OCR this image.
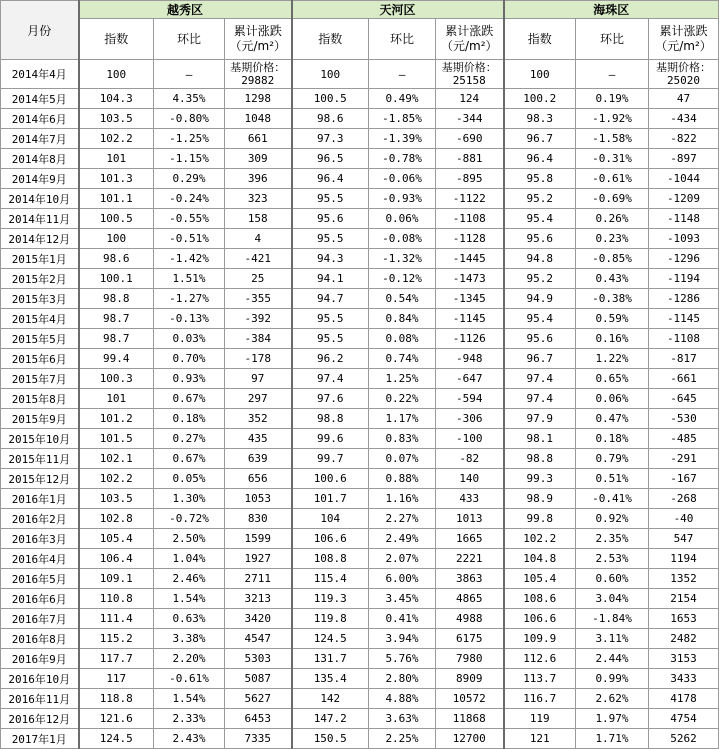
月份	越秀区			天河区			海珠区		
	指数	环比	累计涨跌（元/m²）	指数	环比	累计涨跌（元/m²）	指数	环比	累计涨跌（元/m²）
2014年4月	100	—	基期价格：29882	100	—	基期价格：25158	100	—	基期价格：25020
2014年5月	104.3	4.35%	1298	100.5	0.49%	124	100.2	0.19%	47
2014年6月	103.5	-0.80%	1048	98.6	-1.85%	-344	98.3	-1.92%	-434
2014年7月	102.2	-1.25%	661	97.3	-1.39%	-690	96.7	-1.58%	-822
2014年8月	101	-1.15%	309	96.5	-0.78%	-881	96.4	-0.31%	-897
2014年9月	101.3	0.29%	396	96.4	-0.06%	-895	95.8	-0.61%	-1044
2014年10月	101.1	-0.24%	323	95.5	-0.93%	-1122	95.2	-0.69%	-1209
2014年11月	100.5	-0.55%	158	95.6	0.06%	-1108	95.4	0.26%	-1148
2014年12月	100	-0.51%	4	95.5	-0.08%	-1128	95.6	0.23%	-1093
2015年1月	98.6	-1.42%	-421	94.3	-1.32%	-1445	94.8	-0.85%	-1296
2015年2月	100.1	1.51%	25	94.1	-0.12%	-1473	95.2	0.43%	-1194
2015年3月	98.8	-1.27%	-355	94.7	0.54%	-1345	94.9	-0.38%	-1286
2015年4月	98.7	-0.13%	-392	95.5	0.84%	-1145	95.4	0.59%	-1145
2015年5月	98.7	0.03%	-384	95.5	0.08%	-1126	95.6	0.16%	-1108
2015年6月	99.4	0.70%	-178	96.2	0.74%	-948	96.7	1.22%	-817
2015年7月	100.3	0.93%	97	97.4	1.25%	-647	97.4	0.65%	-661
2015年8月	101	0.67%	297	97.6	0.22%	-594	97.4	0.06%	-645
2015年9月	101.2	0.18%	352	98.8	1.17%	-306	97.9	0.47%	-530
2015年10月	101.5	0.27%	435	99.6	0.83%	-100	98.1	0.18%	-485
2015年11月	102.1	0.67%	639	99.7	0.07%	-82	98.8	0.79%	-291
2015年12月	102.2	0.05%	656	100.6	0.88%	140	99.3	0.51%	-167
2016年1月	103.5	1.30%	1053	101.7	1.16%	433	98.9	-0.41%	-268
2016年2月	102.8	-0.72%	830	104	2.27%	1013	99.8	0.92%	-40
2016年3月	105.4	2.50%	1599	106.6	2.49%	1665	102.2	2.35%	547
2016年4月	106.4	1.04%	1927	108.8	2.07%	2221	104.8	2.53%	1194
2016年5月	109.1	2.46%	2711	115.4	6.00%	3863	105.4	0.60%	1352
2016年6月	110.8	1.54%	3213	119.3	3.45%	4865	108.6	3.04%	2154
2016年7月	111.4	0.63%	3420	119.8	0.41%	4988	106.6	-1.84%	1653
2016年8月	115.2	3.38%	4547	124.5	3.94%	6175	109.9	3.11%	2482
2016年9月	117.7	2.20%	5303	131.7	5.76%	7980	112.6	2.44%	3153
2016年10月	117	-0.61%	5087	135.4	2.80%	8909	113.7	0.99%	3433
2016年11月	118.8	1.54%	5627	142	4.88%	10572	116.7	2.62%	4178
2016年12月	121.6	2.33%	6453	147.2	3.63%	11868	119	1.97%	4754
2017年1月	124.5	2.43%	7335	150.5	2.25%	12700	121	1.71%	5262
